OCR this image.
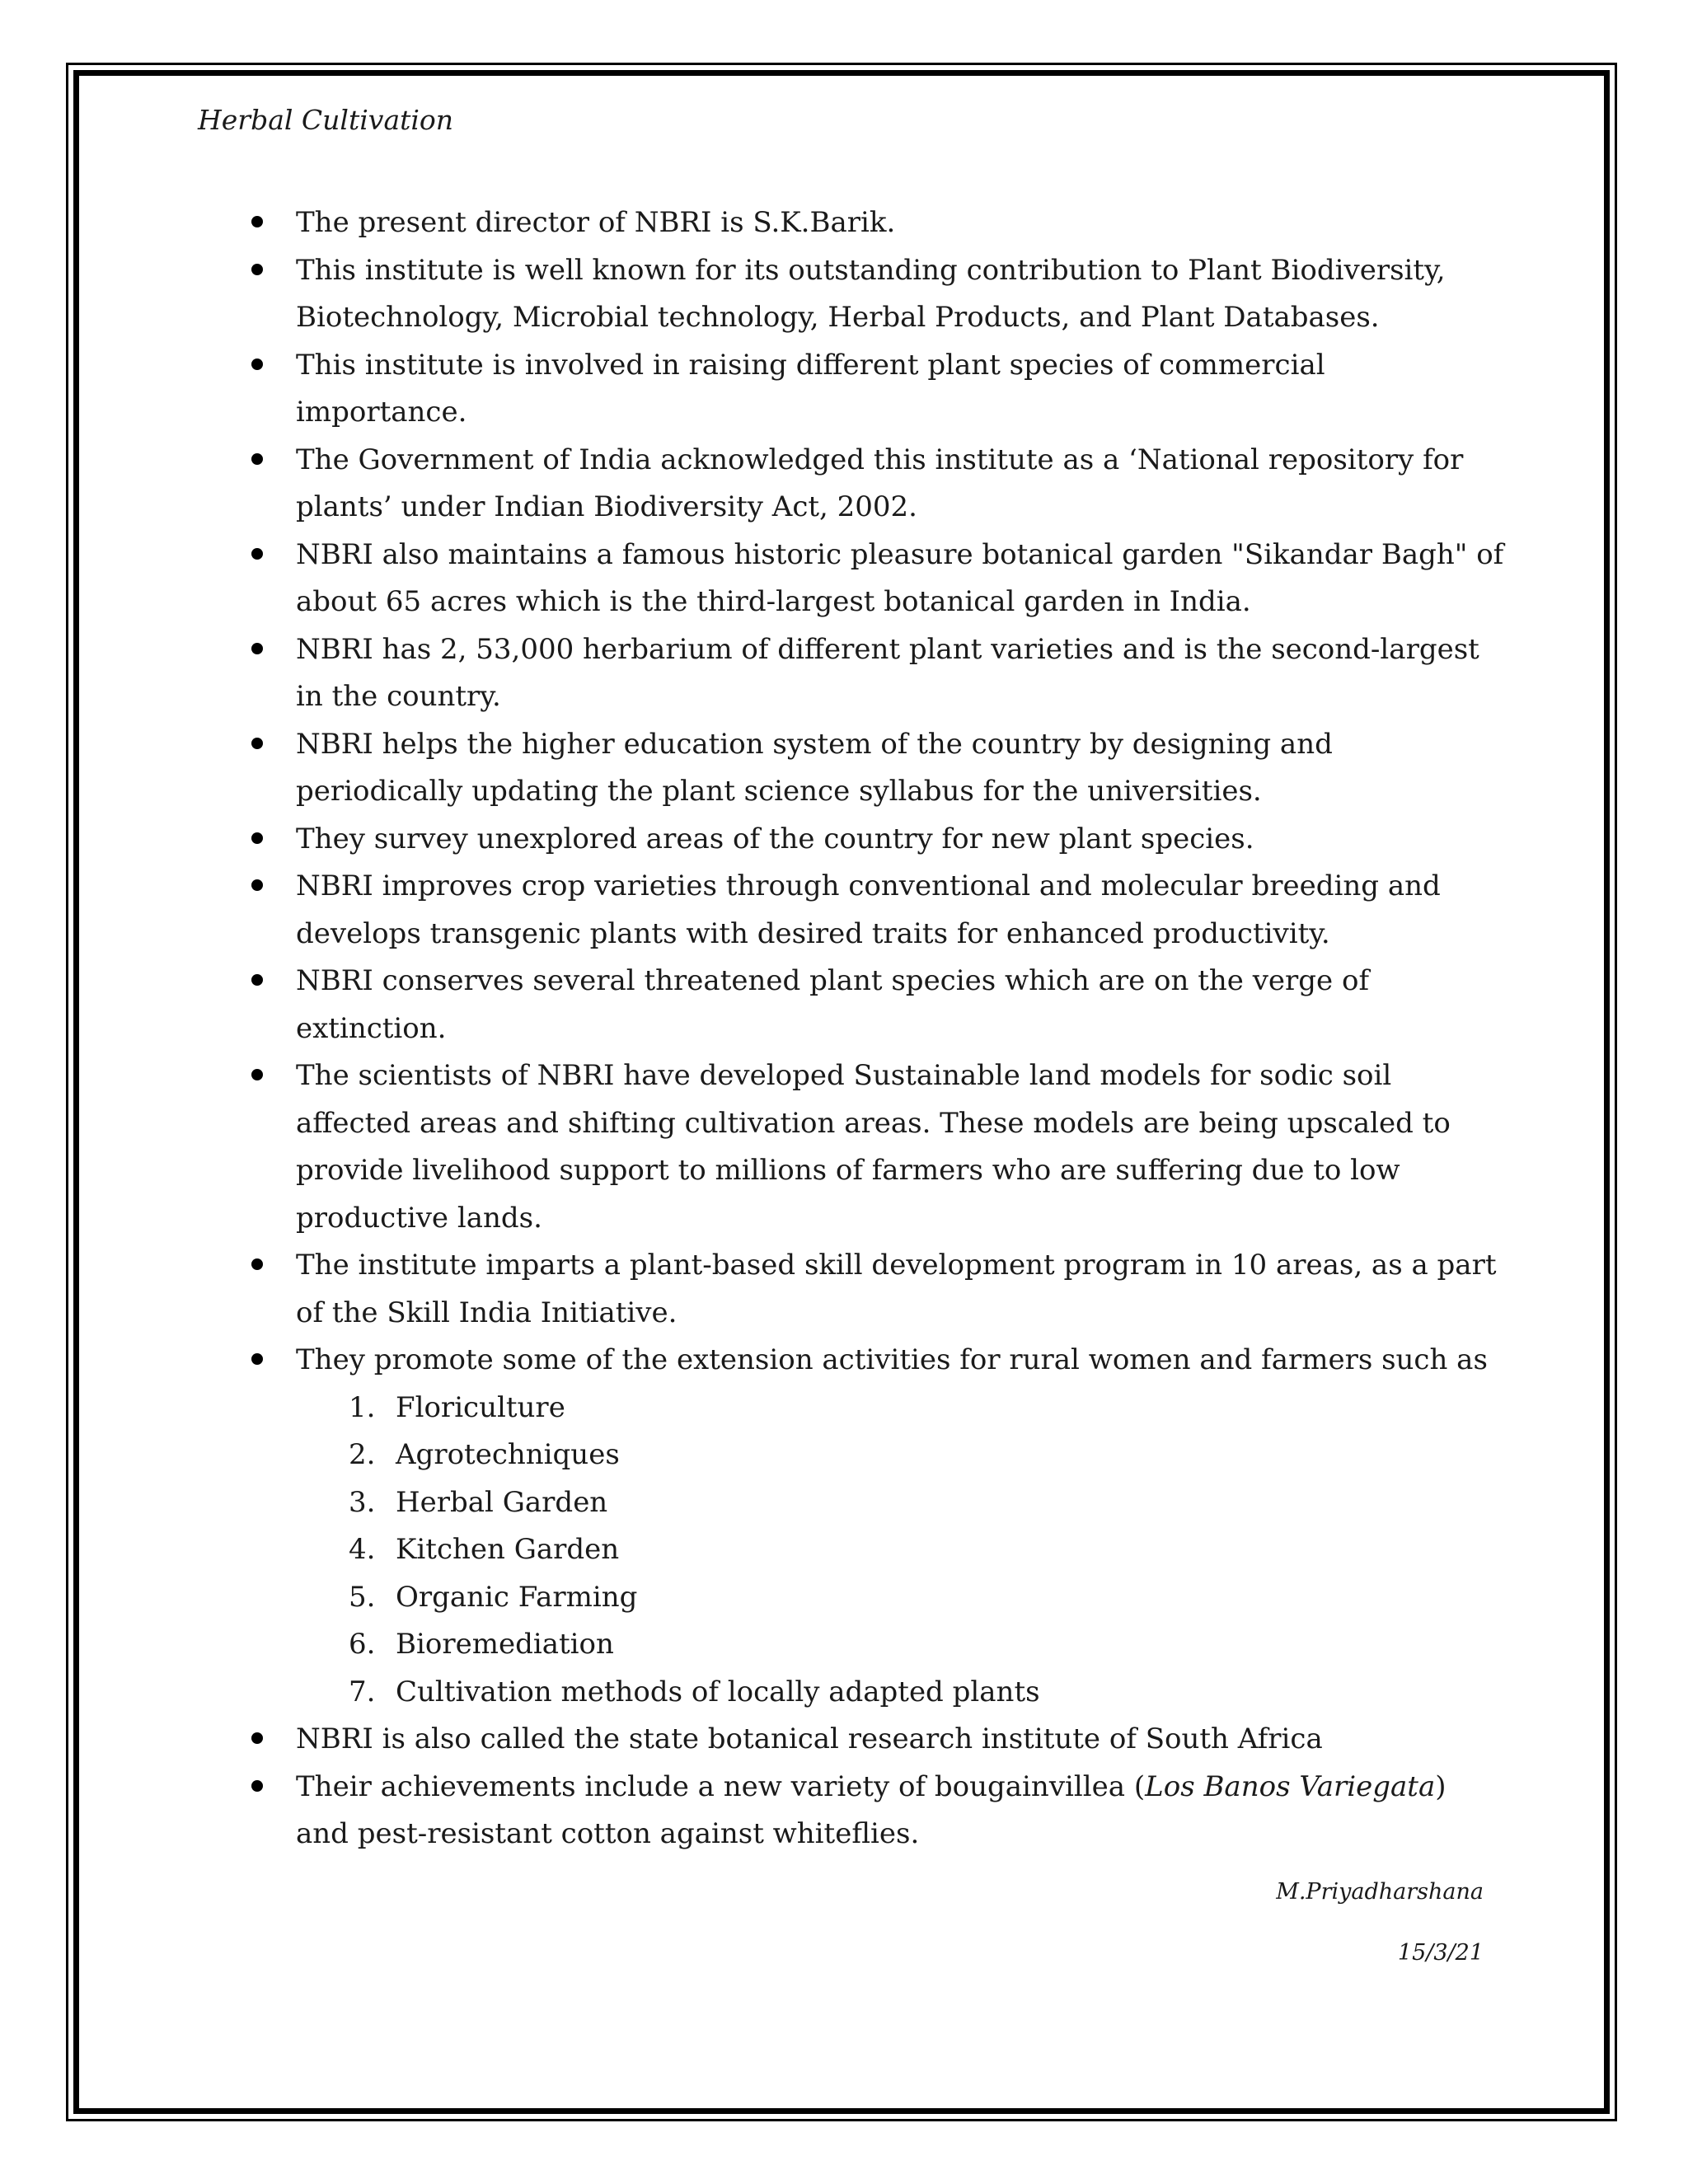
Herbal Cultivation
The present director of NBRI is S.K.Barik.
This institute is well known for its outstanding contribution to Plant Biodiversity, Biotechnology, Microbial technology, Herbal Products, and Plant Databases.
This institute is involved in raising different plant species of commercial importance.
The Government of India acknowledged this institute as a ‘National repository for plants’ under Indian Biodiversity Act, 2002.
NBRI also maintains a famous historic pleasure botanical garden "Sikandar Bagh" of about 65 acres which is the third-largest botanical garden in India.
NBRI has 2, 53,000 herbarium of different plant varieties and is the second-largest in the country.
NBRI helps the higher education system of the country by designing and periodically updating the plant science syllabus for the universities.
They survey unexplored areas of the country for new plant species.
NBRI improves crop varieties through conventional and molecular breeding and develops transgenic plants with desired traits for enhanced productivity.
NBRI conserves several threatened plant species which are on the verge of extinction.
The scientists of NBRI have developed Sustainable land models for sodic soil affected areas and shifting cultivation areas. These models are being upscaled to provide livelihood support to millions of farmers who are suffering due to low productive lands.
The institute imparts a plant-based skill development program in 10 areas, as a part of the Skill India Initiative.
They promote some of the extension activities for rural women and farmers such as
1. Floriculture
2. Agrotechniques
3. Herbal Garden
4. Kitchen Garden
5. Organic Farming
6. Bioremediation
7. Cultivation methods of locally adapted plants
NBRI is also called the state botanical research institute of South Africa
Their achievements include a new variety of bougainvillea (Los Banos Variegata) and pest-resistant cotton against whiteflies.
M.Priyadharshana
15/3/21
